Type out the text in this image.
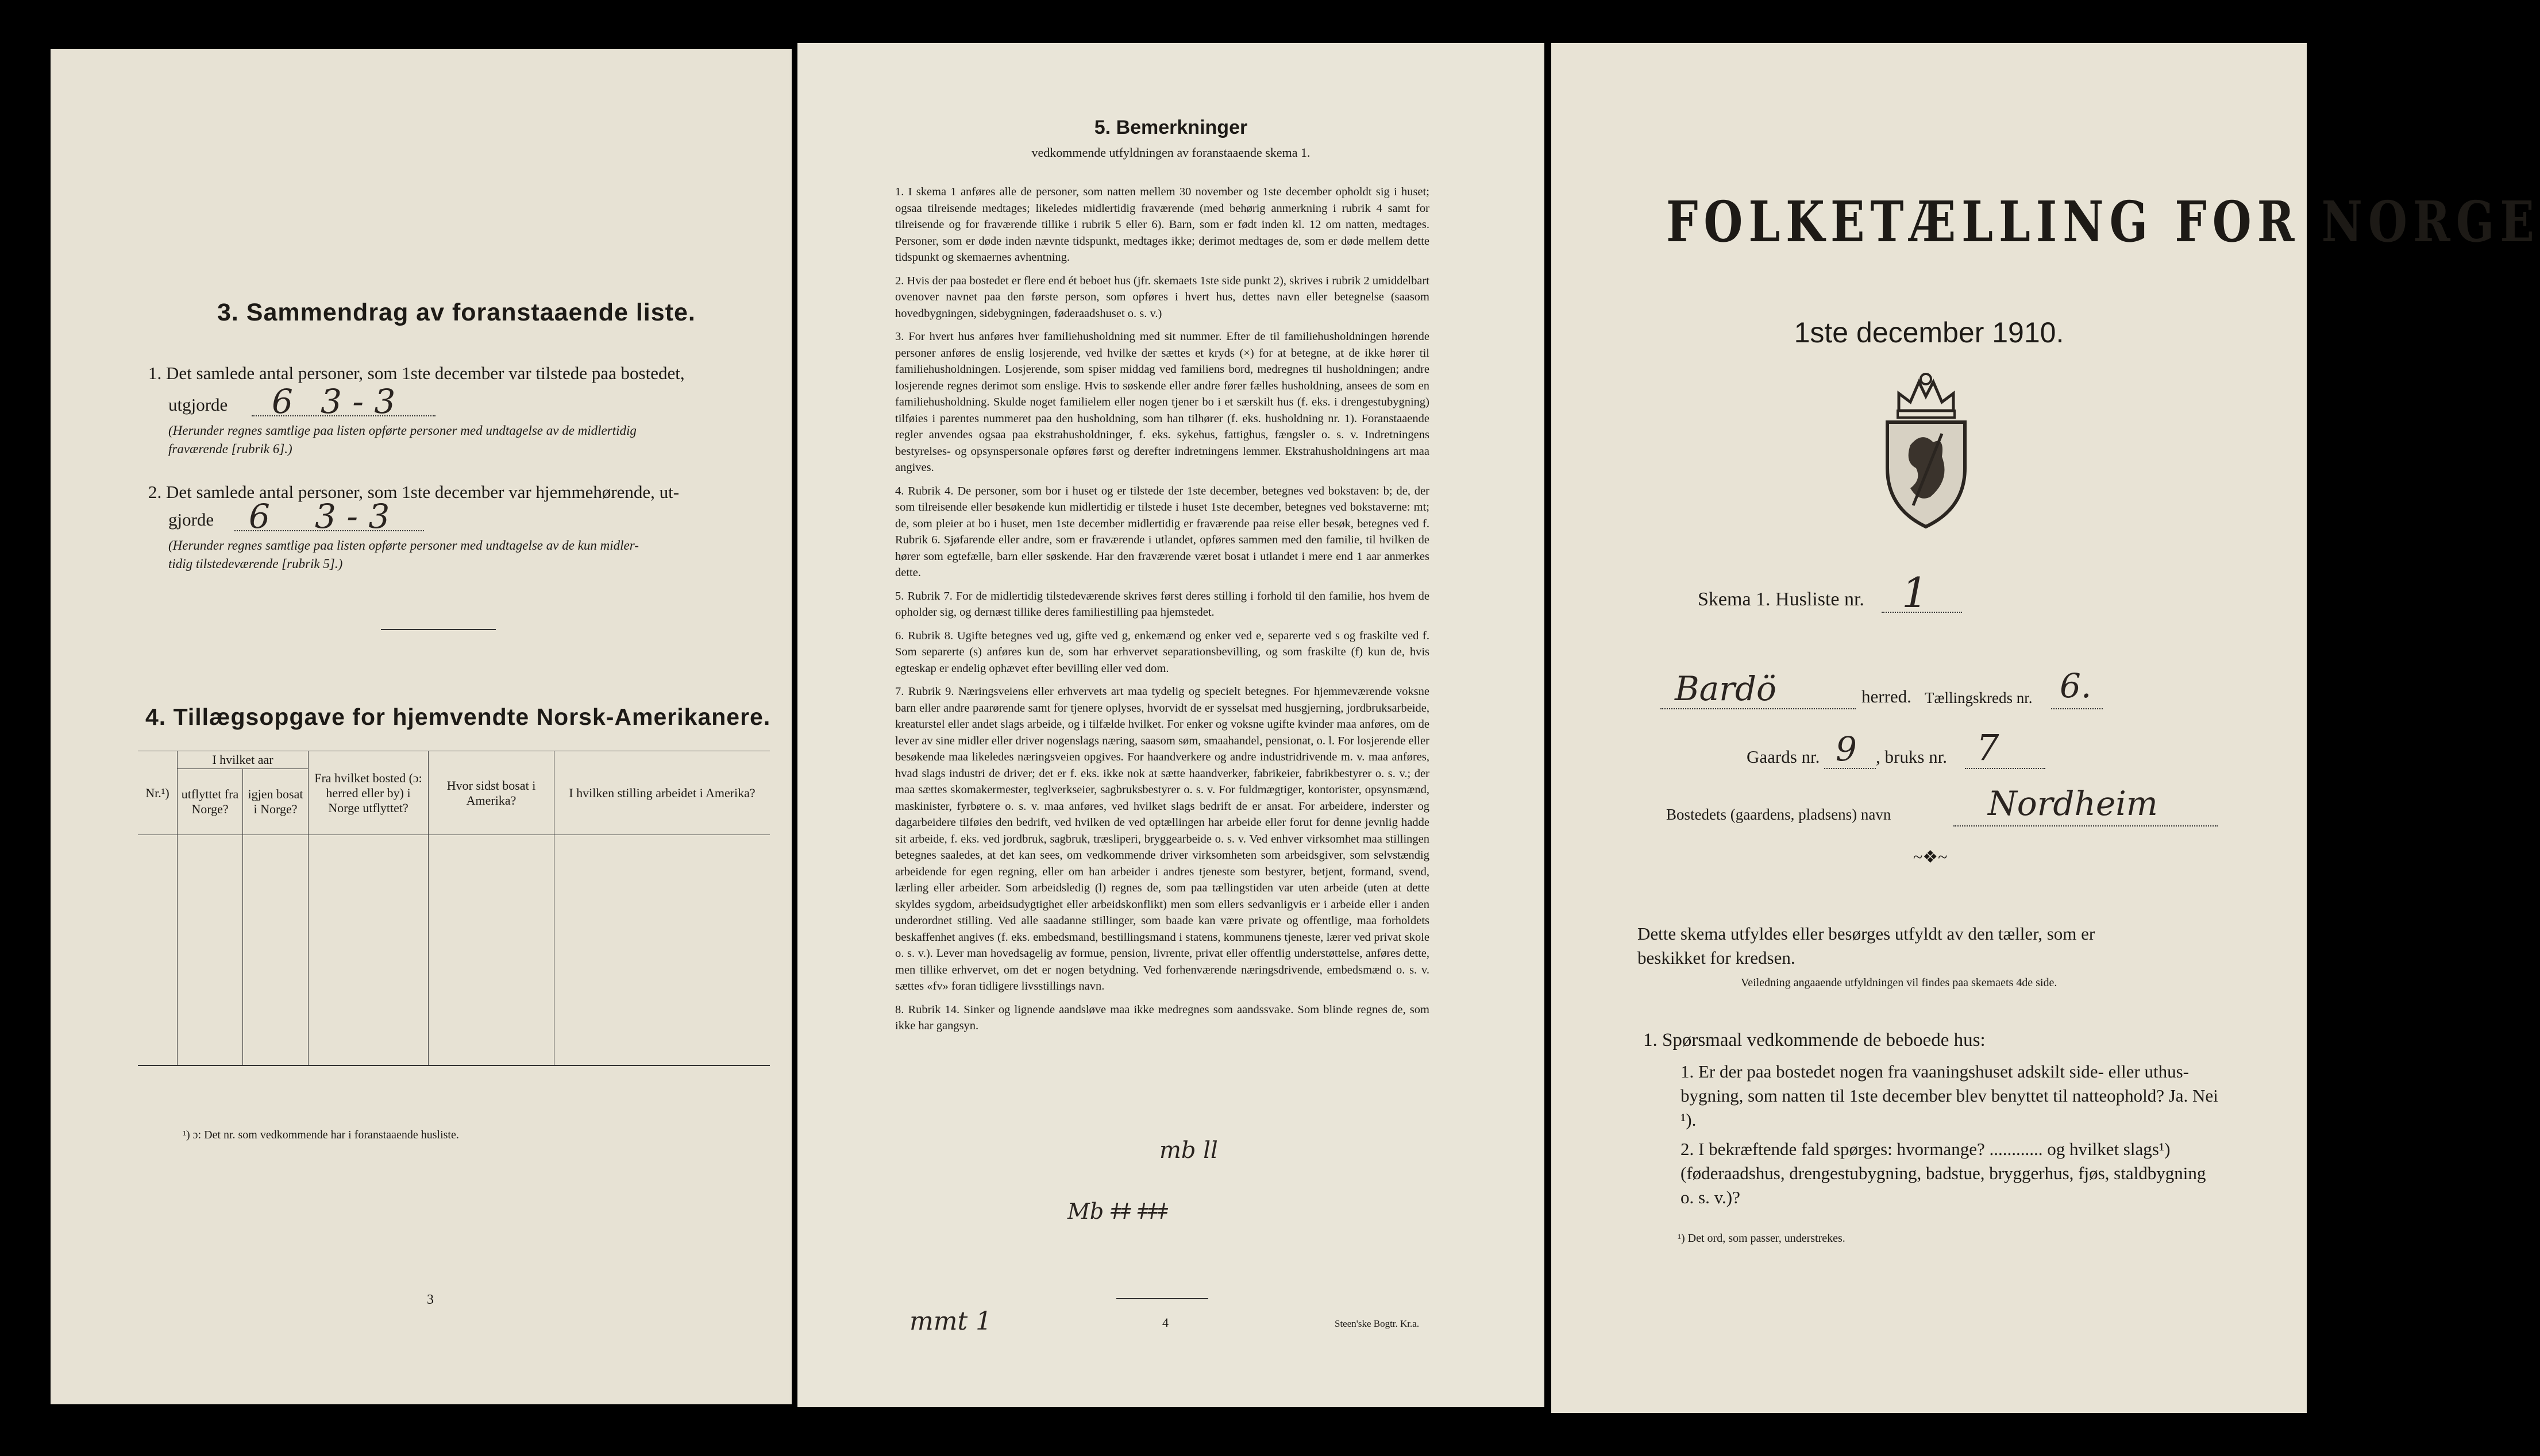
3. Sammendrag av foranstaaende liste.
1. Det samlede antal personer, som 1ste december var tilstede paa bostedet,
utgjorde 6 3 - 3
(Herunder regnes samtlige paa listen opførte personer med undtagelse av de midlertidig
fraværende [rubrik 6].)
2. Det samlede antal personer, som 1ste december var hjemmehørende, ut-
gjorde 6 3 - 3
(Herunder regnes samtlige paa listen opførte personer med undtagelse av de kun midler-
tidig tilstedeværende [rubrik 5].)
4. Tillægsopgave for hjemvendte Norsk-Amerikanere.
Nr.¹)	I hvilket aar		Fra hvilket bosted (ɔ: herred eller by) i Norge utflyttet?	Hvor sidst bosat i Amerika?	I hvilken stilling arbeidet i Amerika?
	utflyttet fra Norge?	igjen bosat i Norge?			

¹) ɔ: Det nr. som vedkommende har i foranstaaende husliste.
3
5. Bemerkninger
vedkommende utfyldningen av foranstaaende skema 1.

1. I skema 1 anføres alle de personer, som natten mellem 30 november og 1ste december opholdt sig i huset; ogsaa tilreisende medtages; likeledes midlertidig fraværende (med behørig anmerkning i rubrik 4 samt for tilreisende og for fraværende tillike i rubrik 5 eller 6). Barn, som er født inden kl. 12 om natten, medtages. Personer, som er døde inden nævnte tidspunkt, medtages ikke; derimot medtages de, som er døde mellem dette tidspunkt og skemaernes avhentning.

2. Hvis der paa bostedet er flere end ét beboet hus (jfr. skemaets 1ste side punkt 2), skrives i rubrik 2 umiddelbart ovenover navnet paa den første person, som opføres i hvert hus, dettes navn eller betegnelse (saasom hovedbygningen, sidebygningen, føderaadshuset o. s. v.)

3. For hvert hus anføres hver familiehusholdning med sit nummer. Efter de til familiehusholdningen hørende personer anføres de enslig losjerende, ved hvilke der sættes et kryds (×) for at betegne, at de ikke hører til familiehusholdningen. Losjerende, som spiser middag ved familiens bord, medregnes til husholdningen; andre losjerende regnes derimot som enslige. Hvis to søskende eller andre fører fælles husholdning, ansees de som en familiehusholdning. Skulde noget familielem eller nogen tjener bo i et særskilt hus (f. eks. i drengestubygning) tilføies i parentes nummeret paa den husholdning, som han tilhører (f. eks. husholdning nr. 1). Foranstaaende regler anvendes ogsaa paa ekstrahusholdninger, f. eks. sykehus, fattighus, fængsler o. s. v. Indretningens bestyrelses- og opsynspersonale opføres først og derefter indretningens lemmer. Ekstrahusholdningens art maa angives.

4. Rubrik 4. De personer, som bor i huset og er tilstede der 1ste december, betegnes ved bokstaven: b; de, der som tilreisende eller besøkende kun midlertidig er tilstede i huset 1ste december, betegnes ved bokstaverne: mt; de, som pleier at bo i huset, men 1ste december midlertidig er fraværende paa reise eller besøk, betegnes ved f. Rubrik 6. Sjøfarende eller andre, som er fraværende i utlandet, opføres sammen med den familie, til hvilken de hører som egtefælle, barn eller søskende. Har den fraværende været bosat i utlandet i mere end 1 aar anmerkes dette.

5. Rubrik 7. For de midlertidig tilstedeværende skrives først deres stilling i forhold til den familie, hos hvem de opholder sig, og dernæst tillike deres familiestilling paa hjemstedet.

6. Rubrik 8. Ugifte betegnes ved ug, gifte ved g, enkemænd og enker ved e, separerte ved s og fraskilte ved f. Som separerte (s) anføres kun de, som har erhvervet separationsbevilling, og som fraskilte (f) kun de, hvis egteskap er endelig ophævet efter bevilling eller ved dom.

7. Rubrik 9. Næringsveiens eller erhvervets art maa tydelig og specielt betegnes. For hjemmeværende voksne barn eller andre paarørende samt for tjenere oplyses, hvorvidt de er sysselsat med husgjerning, jordbruksarbeide, kreaturstel eller andet slags arbeide, og i tilfælde hvilket. For enker og voksne ugifte kvinder maa anføres, om de lever av sine midler eller driver nogenslags næring, saasom søm, smaahandel, pensionat, o. l. For losjerende eller besøkende maa likeledes næringsveien opgives. For haandverkere og andre industridrivende m. v. maa anføres, hvad slags industri de driver; det er f. eks. ikke nok at sætte haandverker, fabrikeier, fabrikbestyrer o. s. v.; der maa sættes skomakermester, teglverkseier, sagbruksbestyrer o. s. v. For fuldmægtiger, kontorister, opsynsmænd, maskinister, fyrbøtere o. s. v. maa anføres, ved hvilket slags bedrift de er ansat. For arbeidere, inderster og dagarbeidere tilføies den bedrift, ved hvilken de ved optællingen har arbeide eller forut for denne jevnlig hadde sit arbeide, f. eks. ved jordbruk, sagbruk, træsliperi, bryggearbeide o. s. v. Ved enhver virksomhet maa stillingen betegnes saaledes, at det kan sees, om vedkommende driver virksomheten som arbeidsgiver, som selvstændig arbeidende for egen regning, eller om han arbeider i andres tjeneste som bestyrer, betjent, formand, svend, lærling eller arbeider. Som arbeidsledig (l) regnes de, som paa tællingstiden var uten arbeide (uten at dette skyldes sygdom, arbeidsudygtighet eller arbeidskonflikt) men som ellers sedvanligvis er i arbeide eller i anden underordnet stilling. Ved alle saadanne stillinger, som baade kan være private og offentlige, maa forholdets beskaffenhet angives (f. eks. embedsmand, bestillingsmand i statens, kommunens tjeneste, lærer ved privat skole o. s. v.). Lever man hovedsagelig av formue, pension, livrente, privat eller offentlig understøttelse, anføres dette, men tillike erhvervet, om det er nogen betydning. Ved forhenværende næringsdrivende, embedsmænd o. s. v. sættes «fv» foran tidligere livsstillings navn.

8. Rubrik 14. Sinker og lignende aandsløve maa ikke medregnes som aandssvake. Som blinde regnes de, som ikke har gangsyn.

mb ll
Mb ǂǂ ǂǂǂ
mmt 1	4	Steen'ske Bogtr. Kr.a.
FOLKETÆLLING FOR NORGE
1ste december 1910.
Skema 1. Husliste nr. 1
Bardö	herred. Tællingskreds nr. 6.
Gaards nr. 9 , bruks nr. 7
Bostedets (gaardens, pladsens) navn	Nordheim
~❖~
Dette skema utfyldes eller besørges utfyldt av den tæller, som er
beskikket for kredsen.
Veiledning angaaende utfyldningen vil findes paa skemaets 4de side.
1. Spørsmaal vedkommende de beboede hus:
1. Er der paa bostedet nogen fra vaaningshuset adskilt side- eller uthus-bygning, som natten til 1ste december blev benyttet til natteophold? Ja. Nei ¹).
2. I bekræftende fald spørges: hvormange? ............ og hvilket slags¹) (føderaadshus, drengestubygning, badstue, bryggerhus, fjøs, staldbygning o. s. v.)?
¹) Det ord, som passer, understrekes.
